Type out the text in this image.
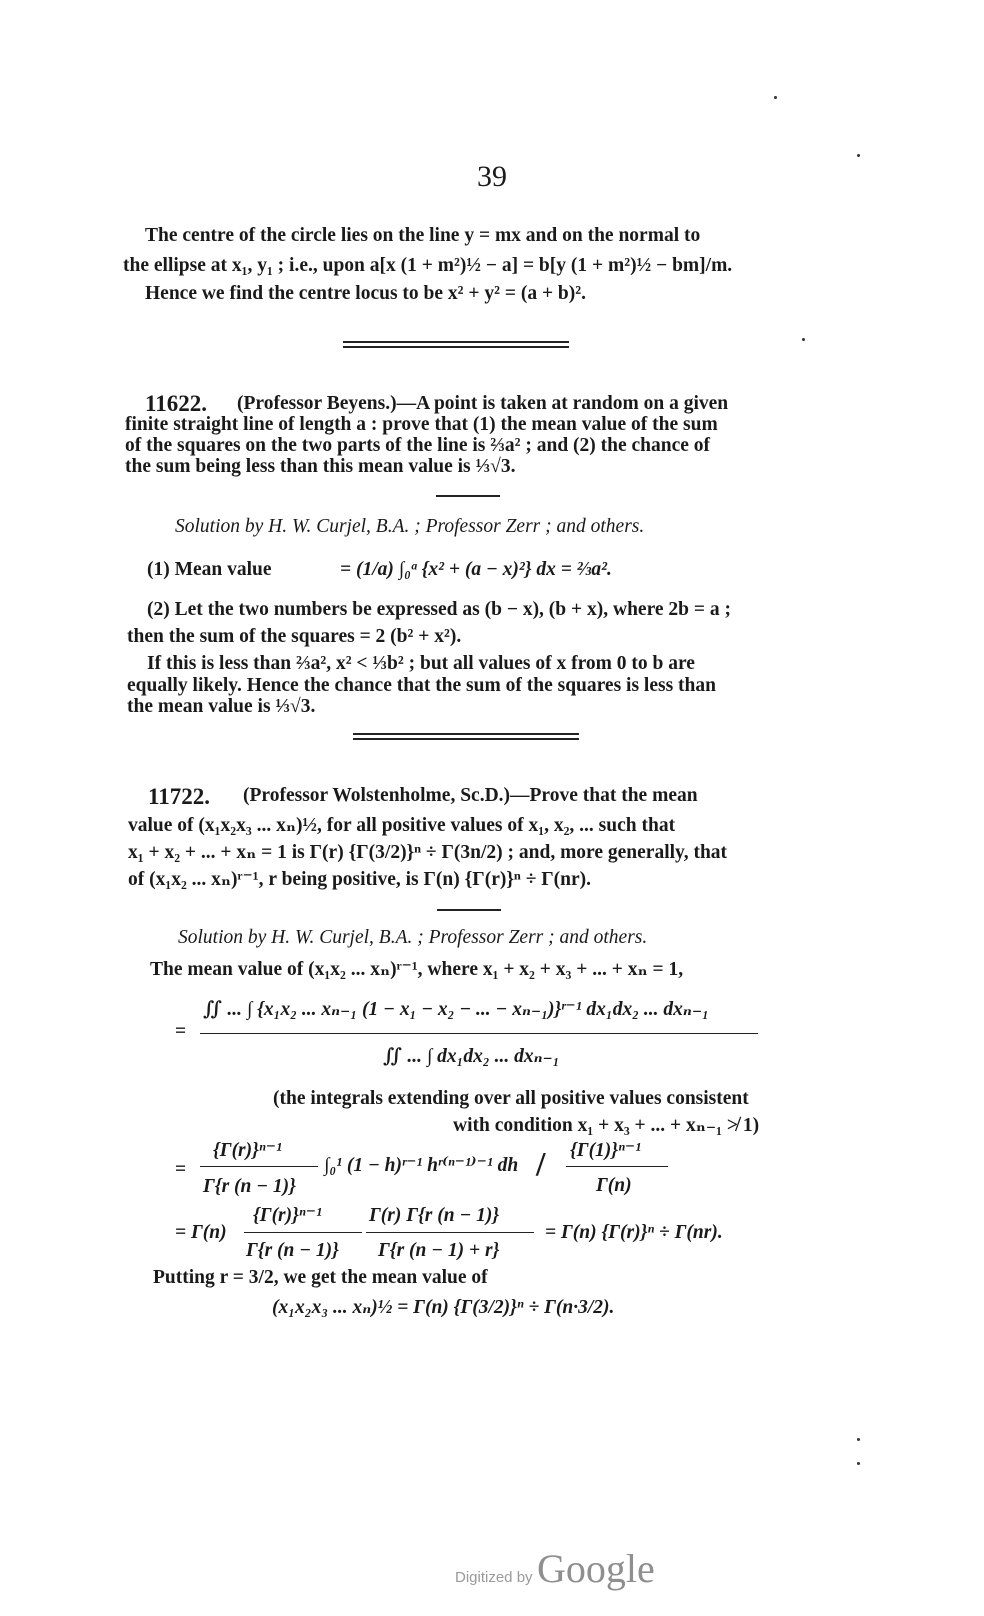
39
The centre of the circle lies on the line y = mx and on the normal to
the ellipse at x₁, y₁ ; i.e., upon a[x (1 + m²)½ − a] = b[y (1 + m²)½ − bm]/m.
Hence we find the centre locus to be x² + y² = (a + b)².
11622. (Professor Beyens.)—A point is taken at random on a given
finite straight line of length a : prove that (1) the mean value of the sum
of the squares on the two parts of the line is ⅔a² ; and (2) the chance of
the sum being less than this mean value is ⅓√3.
Solution by H. W. Curjel, B.A. ; Professor Zerr ; and others.
(1) Mean value	= (1/a) ∫₀ᵃ {x² + (a − x)²} dx = ⅔a².
(2) Let the two numbers be expressed as (b − x), (b + x), where 2b = a ;
then the sum of the squares = 2 (b² + x²).
If this is less than ⅔a², x² < ⅓b² ; but all values of x from 0 to b are
equally likely. Hence the chance that the sum of the squares is less than
the mean value is ⅓√3.
11722. (Professor Wolstenholme, Sc.D.)—Prove that the mean
value of (x₁x₂x₃ ... xₙ)½, for all positive values of x₁, x₂, ... such that
x₁ + x₂ + ... + xₙ = 1 is Γ(r) {Γ(3/2)}ⁿ ÷ Γ(3n/2) ; and, more generally, that
of (x₁x₂ ... xₙ)ʳ⁻¹, r being positive, is Γ(n) {Γ(r)}ⁿ ÷ Γ(nr).
Solution by H. W. Curjel, B.A. ; Professor Zerr ; and others.
The mean value of (x₁x₂ ... xₙ)ʳ⁻¹, where x₁ + x₂ + x₃ + ... + xₙ = 1,
=
∬ ... ∫ {x₁x₂ ... xₙ₋₁ (1 − x₁ − x₂ − ... − xₙ₋₁)}ʳ⁻¹ dx₁dx₂ ... dxₙ₋₁
∬ ... ∫ dx₁dx₂ ... dxₙ₋₁
(the integrals extending over all positive values consistent
with condition x₁ + x₃ + ... + xₙ₋₁ ≯ 1)
=
{Γ(r)}ⁿ⁻¹
Γ{r (n − 1)}
∫₀¹ (1 − h)ʳ⁻¹ hʳ⁽ⁿ⁻¹⁾⁻¹ dh / {Γ(1)}ⁿ⁻¹
Γ(n)
= Γ(n)
{Γ(r)}ⁿ⁻¹
Γ{r (n − 1)}
Γ(r) Γ{r (n − 1)}
Γ{r (n − 1) + r}
= Γ(n) {Γ(r)}ⁿ ÷ Γ(nr).
Putting r = 3/2, we get the mean value of
(x₁x₂x₃ ... xₙ)½ = Γ(n) {Γ(3/2)}ⁿ ÷ Γ(n·3/2).
Digitized by Google
